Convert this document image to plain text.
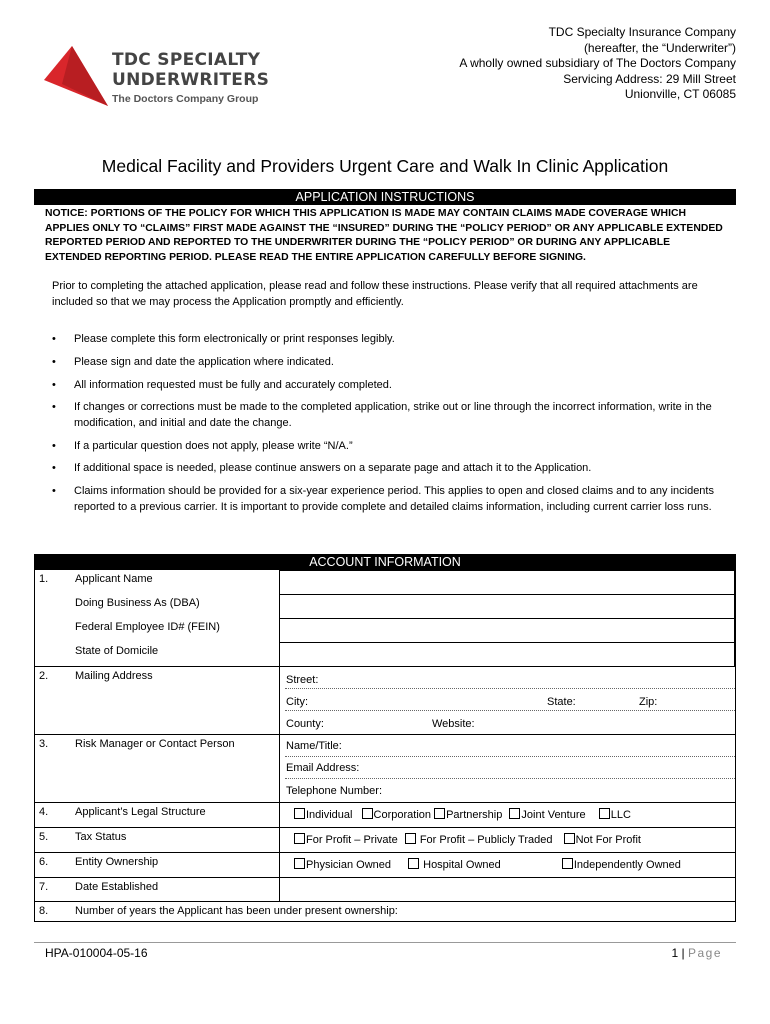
TDC SPECIALTY
UNDERWRITERS
The Doctors Company Group
TDC Specialty Insurance Company
(hereafter, the “Underwriter”)
A wholly owned subsidiary of The Doctors Company
Servicing Address: 29 Mill Street
Unionville, CT 06085
Medical Facility and Providers Urgent Care and Walk In Clinic Application
APPLICATION INSTRUCTIONS
NOTICE: PORTIONS OF THE POLICY FOR WHICH THIS APPLICATION IS MADE MAY CONTAIN CLAIMS MADE COVERAGE WHICH APPLIES ONLY TO “CLAIMS” FIRST MADE AGAINST THE “INSURED” DURING THE “POLICY PERIOD” OR ANY APPLICABLE EXTENDED REPORTED PERIOD AND REPORTED TO THE UNDERWRITER DURING THE “POLICY PERIOD” OR DURING ANY APPLICABLE EXTENDED REPORTING PERIOD. PLEASE READ THE ENTIRE APPLICATION CAREFULLY BEFORE SIGNING.
Prior to completing the attached application, please read and follow these instructions. Please verify that all required attachments are included so that we may process the Application promptly and efficiently.
• Please complete this form electronically or print responses legibly.
• Please sign and date the application where indicated.
• All information requested must be fully and accurately completed.
• If changes or corrections must be made to the completed application, strike out or line through the incorrect information, write in the modification, and initial and date the change.
• If a particular question does not apply, please write “N/A.”
• If additional space is needed, please continue answers on a separate page and attach it to the Application.
• Claims information should be provided for a six-year experience period. This applies to open and closed claims and to any incidents reported to a previous carrier. It is important to provide complete and detailed claims information, including current carrier loss runs.
ACCOUNT INFORMATION
1. Applicant Name
Doing Business As (DBA)
Federal Employee ID# (FEIN)
State of Domicile
2. Mailing Address	Street:
City:	State:	Zip:
County:	Website:
3. Risk Manager or Contact Person	Name/Title:
Email Address:
Telephone Number:
4. Applicant’s Legal Structure	Individual Corporation Partnership Joint Venture LLC
5. Tax Status	For Profit – Private For Profit – Publicly Traded Not For Profit
6. Entity Ownership	Physician Owned	Hospital Owned	Independently Owned
7. Date Established
8. Number of years the Applicant has been under present ownership:
HPA-010004-05-16	1 | Page
